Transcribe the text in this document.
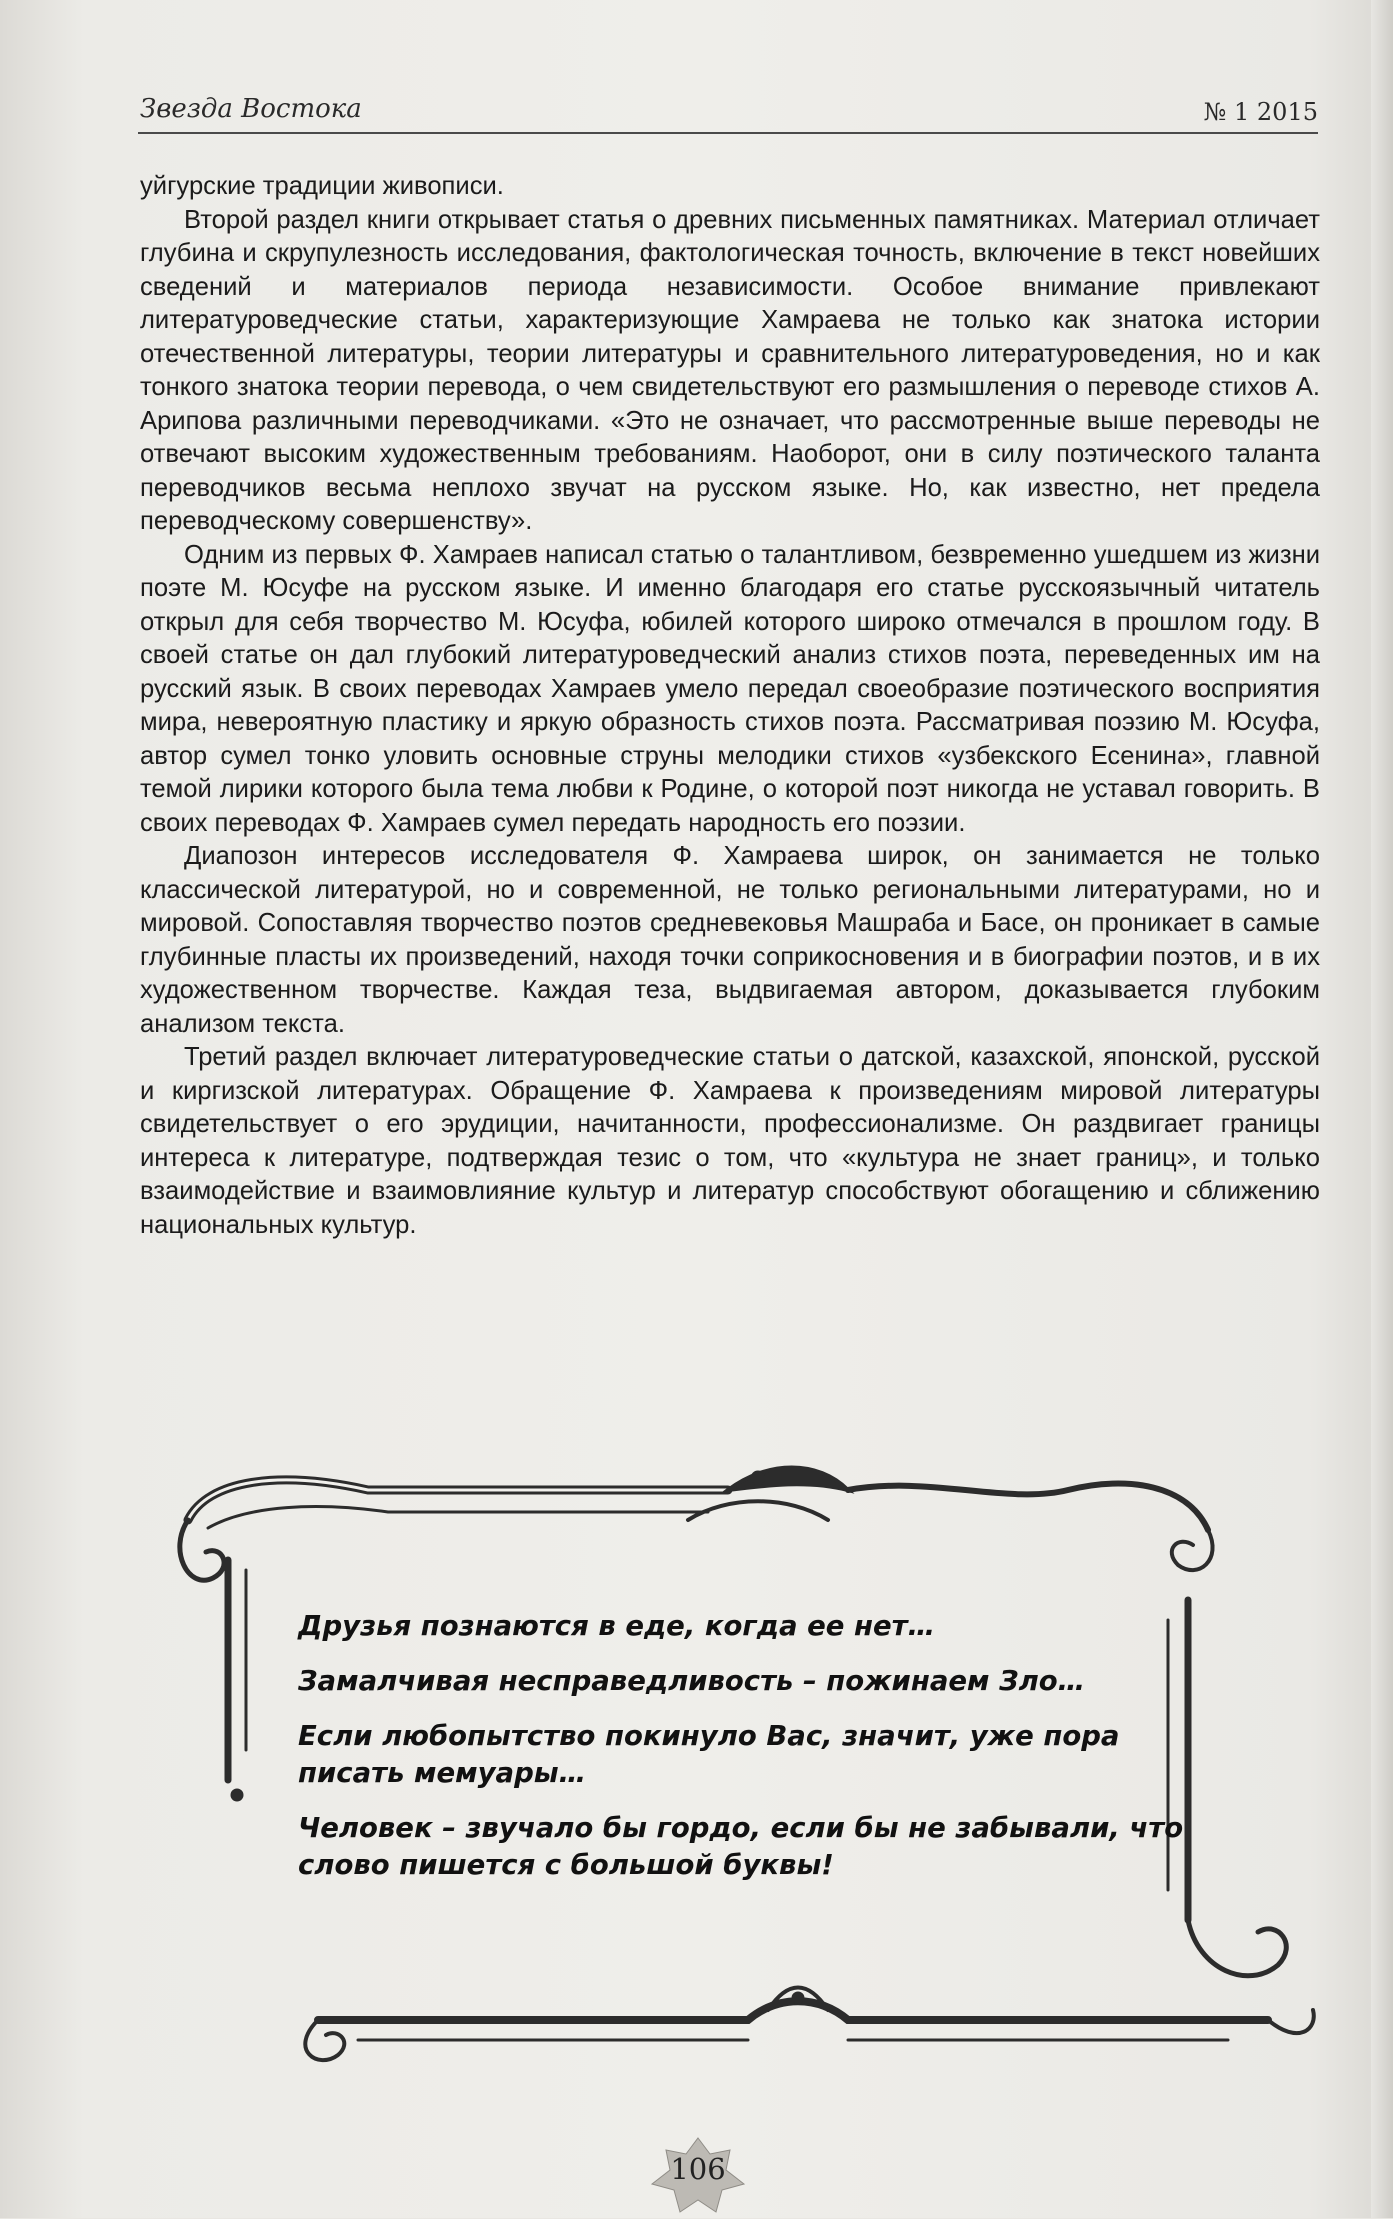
Звезда Востока	№ 1 2015

уйгурские традиции живописи.

Второй раздел книги открывает статья о древних письменных памятниках. Материал отличает глубина и скрупулезность исследования, фактологическая точность, включение в текст новейших сведений и материалов периода независимости. Особое внимание привлекают литературоведческие статьи, характеризующие Хамраева не только как знатока истории отечественной литературы, теории литературы и сравнительного литературоведения, но и как тонкого знатока теории перевода, о чем свидетельствуют его размышления о переводе стихов А. Арипова различными переводчиками. «Это не означает, что рассмотренные выше переводы не отвечают высоким художественным требованиям. Наоборот, они в силу поэтического таланта переводчиков весьма неплохо звучат на русском языке. Но, как известно, нет предела переводческому совершенству».

Одним из первых Ф. Хамраев написал статью о талантливом, безвременно ушедшем из жизни поэте М. Юсуфе на русском языке. И именно благодаря его статье русскоязычный читатель открыл для себя творчество М. Юсуфа, юбилей которого широко отмечался в прошлом году. В своей статье он дал глубокий литературоведческий анализ стихов поэта, переведенных им на русский язык. В своих переводах Хамраев умело передал своеобразие поэтического восприятия мира, невероятную пластику и яркую образность стихов поэта. Рассматривая поэзию М. Юсуфа, автор сумел тонко уловить основные струны мелодики стихов «узбекского Есенина», главной темой лирики которого была тема любви к Родине, о которой поэт никогда не уставал говорить. В своих переводах Ф. Хамраев сумел передать народность его поэзии.

Диапозон интересов исследователя Ф. Хамраева широк, он занимается не только классической литературой, но и современной, не только региональными литературами, но и мировой. Сопоставляя творчество поэтов средневековья Машраба и Басе, он проникает в самые глубинные пласты их произведений, находя точки соприкосновения и в биографии поэтов, и в их художественном творчестве. Каждая теза, выдвигаемая автором, доказывается глубоким анализом текста.

Третий раздел включает литературоведческие статьи о датской, казахской, японской, русской и киргизской литературах. Обращение Ф. Хамраева к произведениям мировой литературы свидетельствует о его эрудиции, начитанности, профессионализме. Он раздвигает границы интереса к литературе, подтверждая тезис о том, что «культура не знает границ», и только взаимодействие и взаимовлияние культур и литератур способствуют обогащению и сближению национальных культур.

Друзья познаются в еде, когда ее нет…

Замалчивая несправедливость – пожинаем Зло…

Если любопытство покинуло Вас, значит, уже пора писать мемуары…

Человек – звучало бы гордо, если бы не забывали, что слово пишется с большой буквы!

106
